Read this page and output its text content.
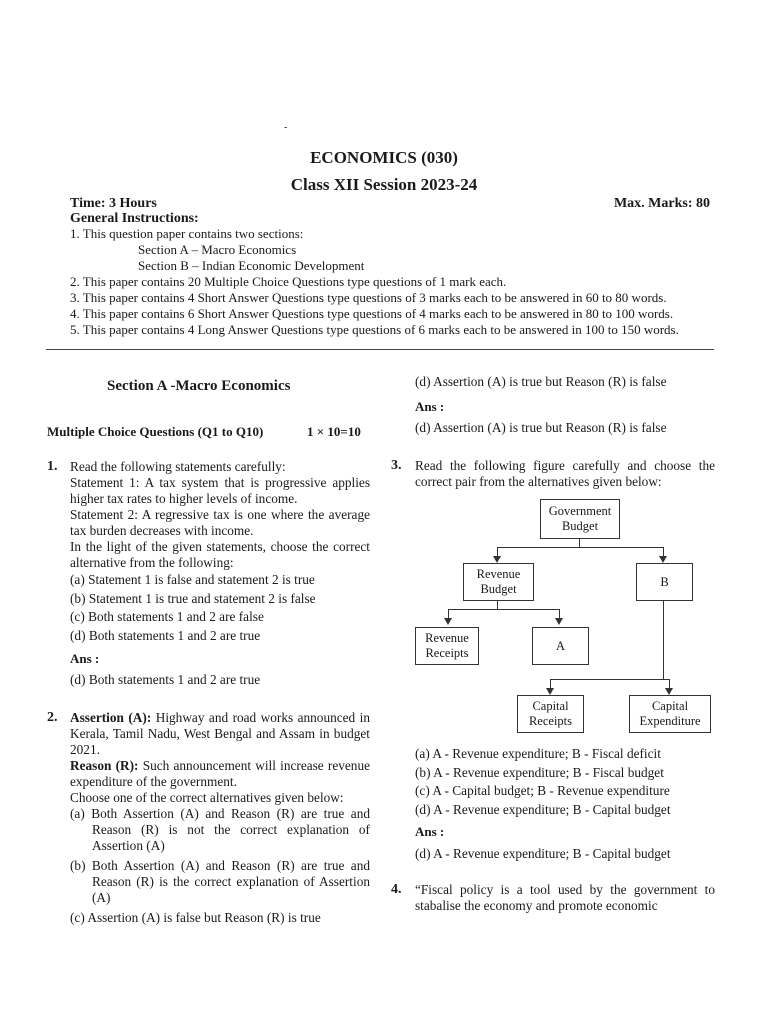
-
ECONOMICS (030)
Class XII Session 2023-24
Time: 3 Hours	Max. Marks: 80
General Instructions:
1. This question paper contains two sections:
Section A – Macro Economics
Section B – Indian Economic Development
2. This paper contains 20 Multiple Choice Questions type questions of 1 mark each.
3. This paper contains 4 Short Answer Questions type questions of 3 marks each to be answered in 60 to 80 words.
4. This paper contains 6 Short Answer Questions type questions of 4 marks each to be answered in 80 to 100 words.
5. This paper contains 4 Long Answer Questions type questions of 6 marks each to be answered in 100 to 150 words.
Section A -Macro Economics
Multiple Choice Questions (Q1 to Q10)	1 × 10=10
1. Read the following statements carefully:

Statement 1: A tax system that is progressive applies higher tax rates to higher levels of income.

Statement 2: A regressive tax is one where the average tax burden decreases with income.

In the light of the given statements, choose the correct alternative from the following:

(a) Statement 1 is false and statement 2 is true

(b) Statement 1 is true and statement 2 is false

(c) Both statements 1 and 2 are false

(d) Both statements 1 and 2 are true

Ans :
(d) Both statements 1 and 2 are true
2. Assertion (A): Highway and road works announced in Kerala, Tamil Nadu, West Bengal and Assam in budget 2021.

Reason (R): Such announcement will increase revenue expenditure of the government.

Choose one of the correct alternatives given below:

(a) Both Assertion (A) and Reason (R) are true and Reason (R) is not the correct explanation of Assertion (A)

(b) Both Assertion (A) and Reason (R) are true and Reason (R) is the correct explanation of Assertion (A)

(c) Assertion (A) is false but Reason (R) is true

(d) Assertion (A) is true but Reason (R) is false
Ans :
(d) Assertion (A) is true but Reason (R) is false
3. Read the following figure carefully and choose the correct pair from the alternatives given below:
Government Budget
Revenue Budget
B
Revenue Receipts
A
Capital Receipts
Capital Expenditure

(a) A - Revenue expenditure; B - Fiscal deficit

(b) A - Revenue expenditure; B - Fiscal budget

(c) A - Capital budget; B - Revenue expenditure

(d) A - Revenue expenditure; B - Capital budget

Ans :
(d) A - Revenue expenditure; B - Capital budget
4. “Fiscal policy is a tool used by the government to stabalise the economy and promote economic
